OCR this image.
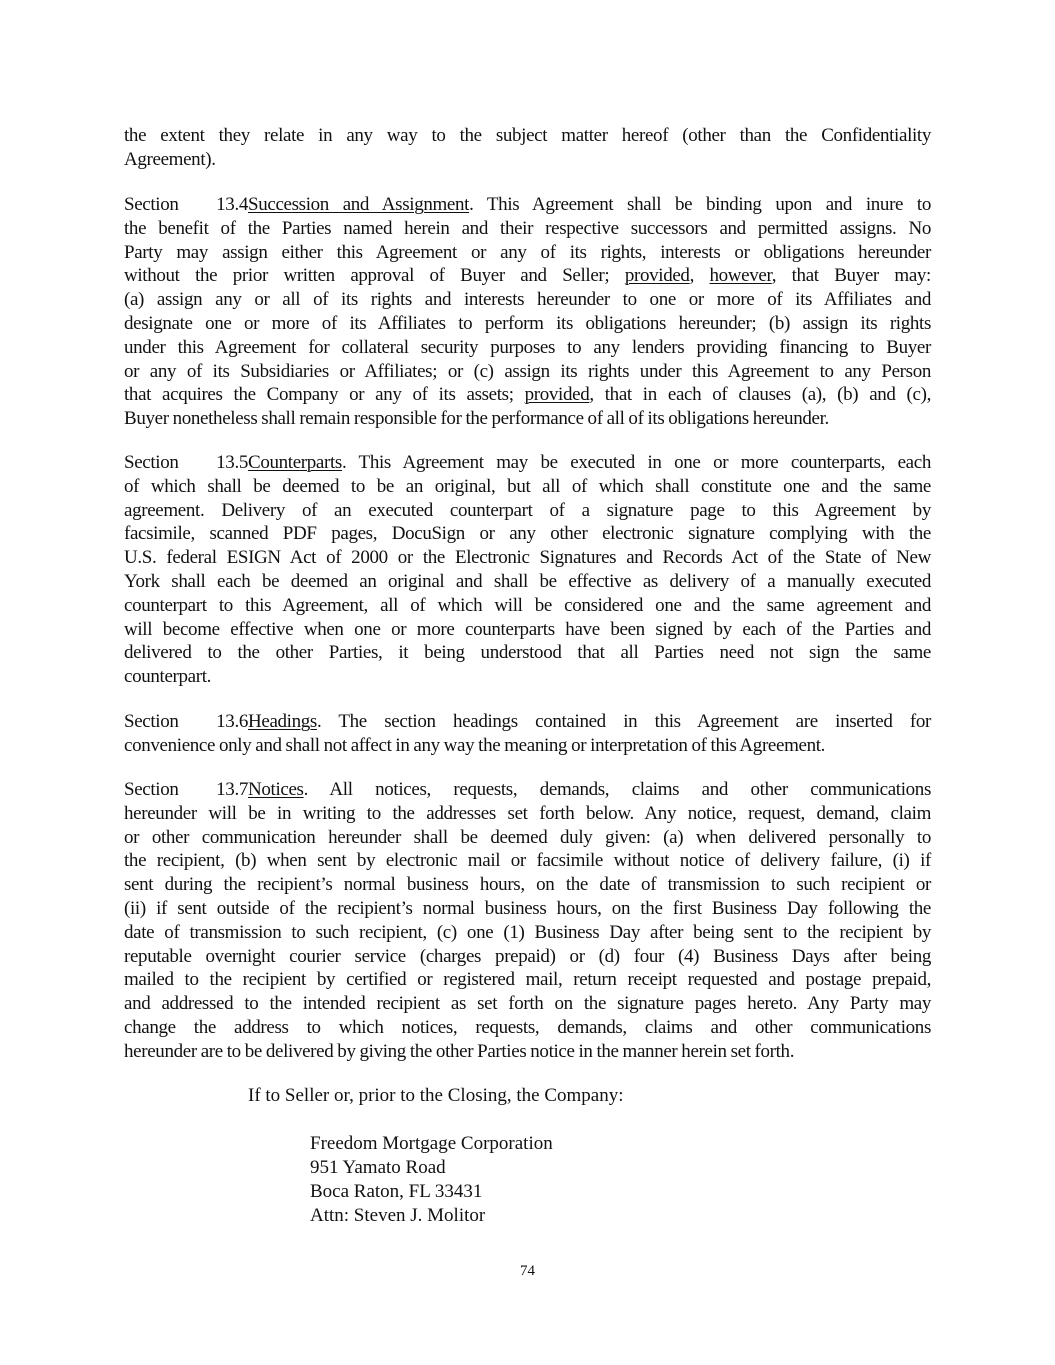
the extent they relate in any way to the subject matter hereof (other than the Confidentiality
Agreement).
Section 13.4Succession and Assignment. This Agreement shall be binding upon and inure to
the benefit of the Parties named herein and their respective successors and permitted assigns. No
Party may assign either this Agreement or any of its rights, interests or obligations hereunder
without the prior written approval of Buyer and Seller; provided, however, that Buyer may:
(a) assign any or all of its rights and interests hereunder to one or more of its Affiliates and
designate one or more of its Affiliates to perform its obligations hereunder; (b) assign its rights
under this Agreement for collateral security purposes to any lenders providing financing to Buyer
or any of its Subsidiaries or Affiliates; or (c) assign its rights under this Agreement to any Person
that acquires the Company or any of its assets; provided, that in each of clauses (a), (b) and (c),
Buyer nonetheless shall remain responsible for the performance of all of its obligations hereunder.
Section 13.5Counterparts. This Agreement may be executed in one or more counterparts, each
of which shall be deemed to be an original, but all of which shall constitute one and the same
agreement. Delivery of an executed counterpart of a signature page to this Agreement by
facsimile, scanned PDF pages, DocuSign or any other electronic signature complying with the
U.S. federal ESIGN Act of 2000 or the Electronic Signatures and Records Act of the State of New
York shall each be deemed an original and shall be effective as delivery of a manually executed
counterpart to this Agreement, all of which will be considered one and the same agreement and
will become effective when one or more counterparts have been signed by each of the Parties and
delivered to the other Parties, it being understood that all Parties need not sign the same
counterpart.
Section 13.6Headings. The section headings contained in this Agreement are inserted for
convenience only and shall not affect in any way the meaning or interpretation of this Agreement.
Section 13.7Notices. All notices, requests, demands, claims and other communications
hereunder will be in writing to the addresses set forth below. Any notice, request, demand, claim
or other communication hereunder shall be deemed duly given: (a) when delivered personally to
the recipient, (b) when sent by electronic mail or facsimile without notice of delivery failure, (i) if
sent during the recipient’s normal business hours, on the date of transmission to such recipient or
(ii) if sent outside of the recipient’s normal business hours, on the first Business Day following the
date of transmission to such recipient, (c) one (1) Business Day after being sent to the recipient by
reputable overnight courier service (charges prepaid) or (d) four (4) Business Days after being
mailed to the recipient by certified or registered mail, return receipt requested and postage prepaid,
and addressed to the intended recipient as set forth on the signature pages hereto. Any Party may
change the address to which notices, requests, demands, claims and other communications
hereunder are to be delivered by giving the other Parties notice in the manner herein set forth.
If to Seller or, prior to the Closing, the Company:
Freedom Mortgage Corporation
951 Yamato Road
Boca Raton, FL 33431
Attn: Steven J. Molitor
74
